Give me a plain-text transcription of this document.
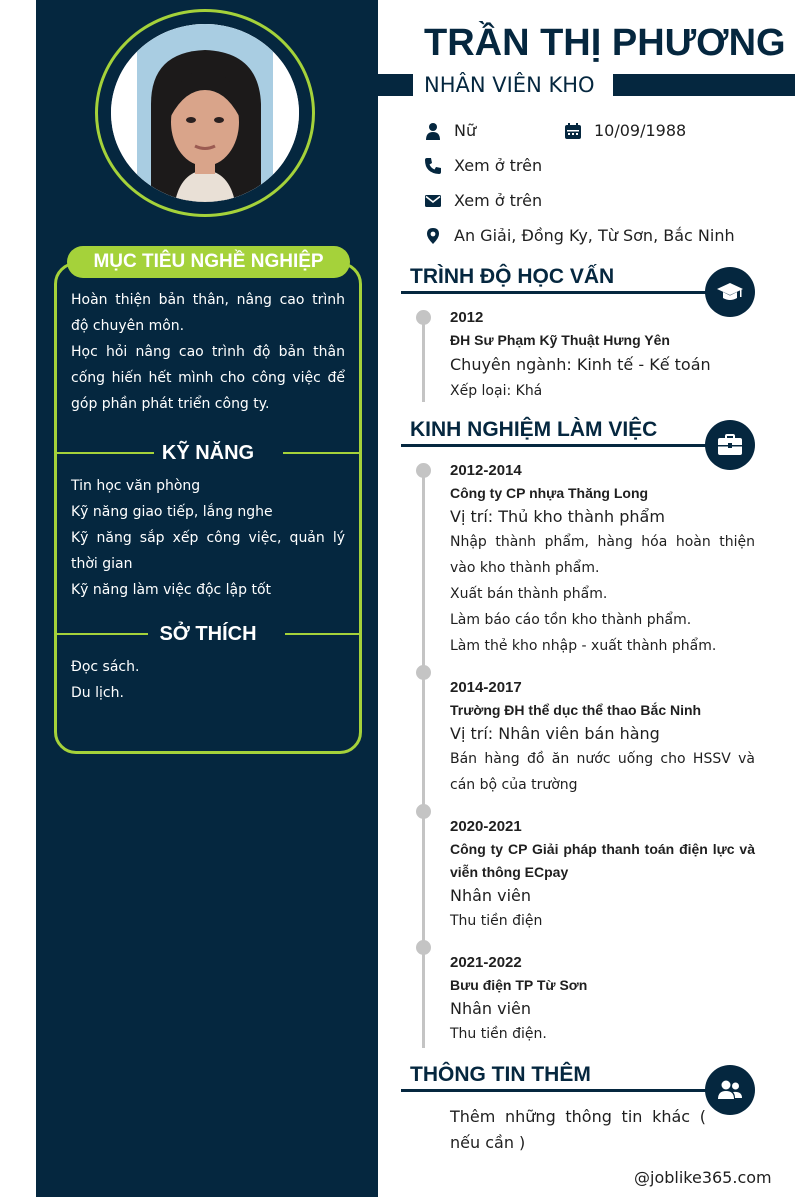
MỤC TIÊU NGHỀ NGHIỆP

Hoàn thiện bản thân, nâng cao trình độ chuyên môn.

Học hỏi nâng cao trình độ bản thân cống hiến hết mình cho công việc để góp phần phát triển công ty.

KỸ NĂNG

Tin học văn phòng

Kỹ năng giao tiếp, lắng nghe

Kỹ năng sắp xếp công việc, quản lý thời gian

Kỹ năng làm việc độc lập tốt

SỞ THÍCH

Đọc sách.

Du lịch.

TRẦN THỊ PHƯƠNG
NHÂN VIÊN KHO
Nữ	10/09/1988
Xem ở trên
Xem ở trên
An Giải, Đồng Ky, Từ Sơn, Bắc Ninh
TRÌNH ĐỘ HỌC VẤN
2012
ĐH Sư Phạm Kỹ Thuật Hưng Yên
Chuyên ngành: Kinh tế - Kế toán
Xếp loại: Khá
KINH NGHIỆM LÀM VIỆC
2012-2014
Công ty CP nhựa Thăng Long
Vị trí: Thủ kho thành phẩm
Nhập thành phẩm, hàng hóa hoàn thiện vào kho thành phẩm.
Xuất bán thành phẩm.
Làm báo cáo tồn kho thành phẩm.
Làm thẻ kho nhập - xuất thành phẩm.
2014-2017
Trường ĐH thể dục thể thao Bắc Ninh
Vị trí: Nhân viên bán hàng
Bán hàng đồ ăn nước uống cho HSSV và cán bộ của trường
2020-2021
Công ty CP Giải pháp thanh toán điện lực và viễn thông ECpay
Nhân viên
Thu tiền điện
2021-2022
Bưu điện TP Từ Sơn
Nhân viên
Thu tiền điện.
THÔNG TIN THÊM
Thêm những thông tin khác ( nếu cần )
@joblike365.com
